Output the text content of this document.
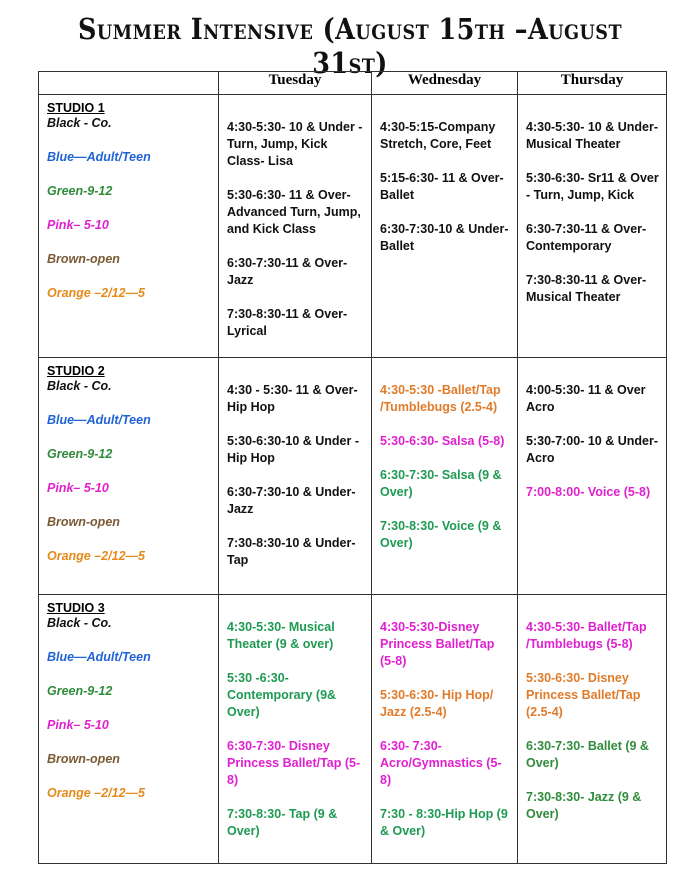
Summer Intensive (August 15th –August 31st)
	Tuesday	Wednesday	Thursday

STUDIO 1
Black - Co.
Blue—Adult/Teen
Green-9-12
Pink– 5-10
Brown-open
Orange –2/12—5

4:30-5:30- 10 & Under - Turn, Jump, Kick Class- Lisa
5:30-6:30- 11 & Over- Advanced Turn, Jump, and Kick Class
6:30-7:30-11 & Over- Jazz
7:30-8:30-11 & Over- Lyrical

4:30-5:15-Company Stretch, Core, Feet
5:15-6:30- 11 & Over- Ballet
6:30-7:30-10 & Under- Ballet

4:30-5:30- 10 & Under- Musical Theater
5:30-6:30- Sr11 & Over - Turn, Jump, Kick
6:30-7:30-11 & Over- Contemporary
7:30-8:30-11 & Over- Musical Theater

STUDIO 2
Black - Co.
Blue—Adult/Teen
Green-9-12
Pink– 5-10
Brown-open
Orange –2/12—5

4:30 - 5:30- 11 & Over- Hip Hop
5:30-6:30-10 & Under - Hip Hop
6:30-7:30-10 & Under- Jazz
7:30-8:30-10 & Under- Tap

4:30-5:30 -Ballet/Tap /Tumblebugs (2.5-4)
5:30-6:30- Salsa (5-8)
6:30-7:30- Salsa (9 & Over)
7:30-8:30- Voice (9 & Over)

4:00-5:30- 11 & Over Acro
5:30-7:00- 10 & Under- Acro
7:00-8:00- Voice (5-8)

STUDIO 3
Black - Co.
Blue—Adult/Teen
Green-9-12
Pink– 5-10
Brown-open
Orange –2/12—5

4:30-5:30- Musical Theater (9 & over)
5:30 -6:30- Contemporary (9& Over)
6:30-7:30- Disney Princess Ballet/Tap (5-8)
7:30-8:30- Tap (9 & Over)

4:30-5:30-Disney Princess Ballet/Tap (5-8)
5:30-6:30- Hip Hop/ Jazz (2.5-4)
6:30- 7:30- Acro/Gymnastics (5-8)
7:30 - 8:30-Hip Hop (9 & Over)

4:30-5:30- Ballet/Tap /Tumblebugs (5-8)
5:30-6:30- Disney Princess Ballet/Tap (2.5-4)
6:30-7:30- Ballet (9 & Over)
7:30-8:30- Jazz (9 & Over)
